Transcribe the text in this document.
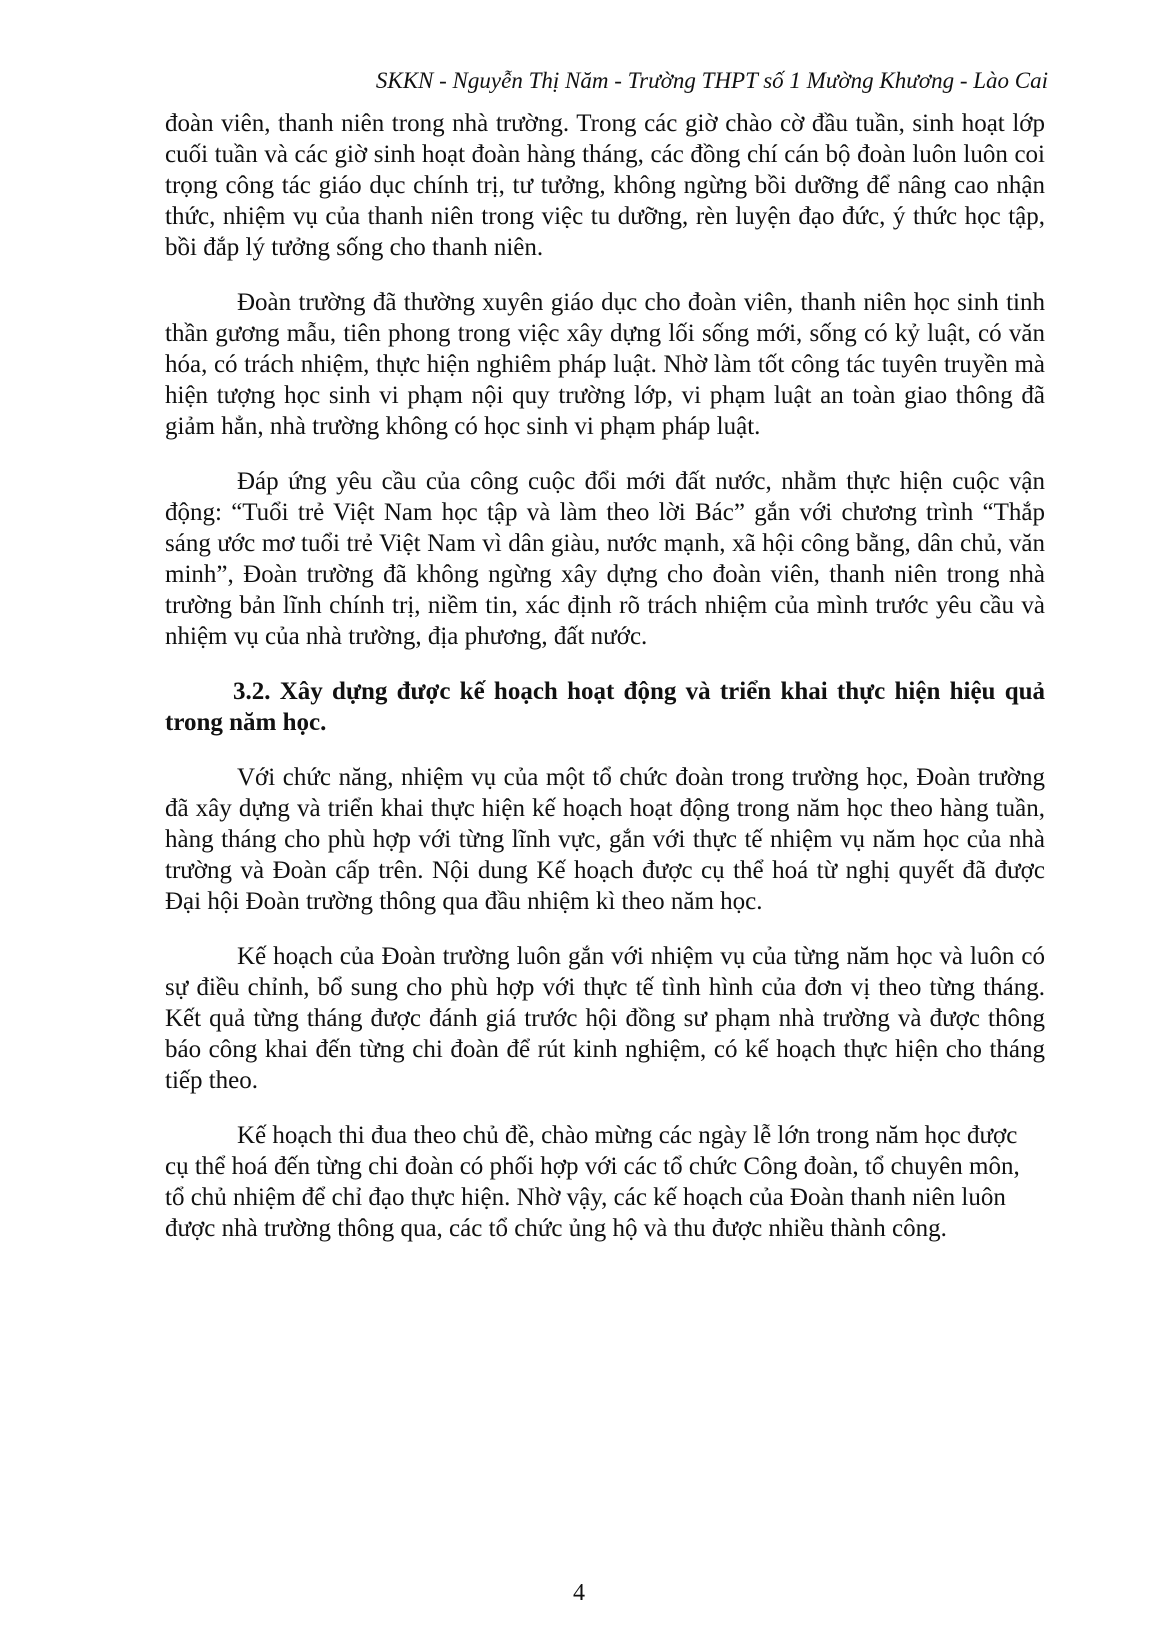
SKKN - Nguyễn Thị Năm - Trường THPT số 1 Mường Khương - Lào Cai

đoàn viên, thanh niên trong nhà trường. Trong các giờ chào cờ đầu tuần, sinh hoạt lớp cuối tuần và các giờ sinh hoạt đoàn hàng tháng, các đồng chí cán bộ đoàn luôn luôn coi trọng công tác giáo dục chính trị, tư tưởng, không ngừng bồi dưỡng để nâng cao nhận thức, nhiệm vụ của thanh niên trong việc tu dưỡng, rèn luyện đạo đức, ý thức học tập, bồi đắp lý tưởng sống cho thanh niên.

Đoàn trường đã thường xuyên giáo dục cho đoàn viên, thanh niên học sinh tinh thần gương mẫu, tiên phong trong việc xây dựng lối sống mới, sống có kỷ luật, có văn hóa, có trách nhiệm, thực hiện nghiêm pháp luật. Nhờ làm tốt công tác tuyên truyền mà hiện tượng học sinh vi phạm nội quy trường lớp, vi phạm luật an toàn giao thông đã giảm hẳn, nhà trường không có học sinh vi phạm pháp luật.

Đáp ứng yêu cầu của công cuộc đổi mới đất nước, nhằm thực hiện cuộc vận động: “Tuổi trẻ Việt Nam học tập và làm theo lời Bác” gắn với chương trình “Thắp sáng ước mơ tuổi trẻ Việt Nam vì dân giàu, nước mạnh, xã hội công bằng, dân chủ, văn minh”, Đoàn trường đã không ngừng xây dựng cho đoàn viên, thanh niên trong nhà trường bản lĩnh chính trị, niềm tin, xác định rõ trách nhiệm của mình trước yêu cầu và nhiệm vụ của nhà trường, địa phương, đất nước.

3.2. Xây dựng được kế hoạch hoạt động và triển khai thực hiện hiệu quả trong năm học.

Với chức năng, nhiệm vụ của một tổ chức đoàn trong trường học, Đoàn trường đã xây dựng và triển khai thực hiện kế hoạch hoạt động trong năm học theo hàng tuần, hàng tháng cho phù hợp với từng lĩnh vực, gắn với thực tế nhiệm vụ năm học của nhà trường và Đoàn cấp trên. Nội dung Kế hoạch được cụ thể hoá từ nghị quyết đã được Đại hội Đoàn trường thông qua đầu nhiệm kì theo năm học.

Kế hoạch của Đoàn trường luôn gắn với nhiệm vụ của từng năm học và luôn có sự điều chỉnh, bổ sung cho phù hợp với thực tế tình hình của đơn vị theo từng tháng. Kết quả từng tháng được đánh giá trước hội đồng sư phạm nhà trường và được thông báo công khai đến từng chi đoàn để rút kinh nghiệm, có kế hoạch thực hiện cho tháng tiếp theo.

Kế hoạch thi đua theo chủ đề, chào mừng các ngày lễ lớn trong năm học được cụ thể hoá đến từng chi đoàn có phối hợp với các tổ chức Công đoàn, tổ chuyên môn, tổ chủ nhiệm để chỉ đạo thực hiện. Nhờ vậy, các kế hoạch của Đoàn thanh niên luôn được nhà trường thông qua, các tổ chức ủng hộ và thu được nhiều thành công.

4
